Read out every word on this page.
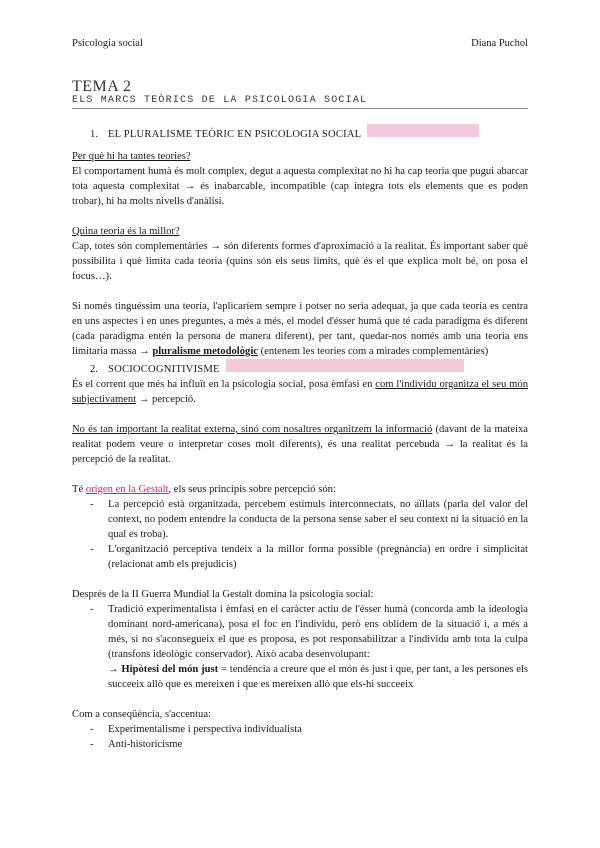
Psicologia social	Diana Puchol
TEMA 2
ELS MARCS TEÒRICS DE LA PSICOLOGIA SOCIAL
1. EL PLURALISME TEÒRIC EN PSICOLOGIA SOCIAL

Per què hi ha tantes teories?

El comportament humà és molt complex, degut a aquesta complexitat no hi ha cap teoria que pugui abarcar tota aquesta complexitat → és inabarcable, incompatible (cap integra tots els elements que es poden trobar), hi ha molts nivells d'anàlisi.

Quina teoria és la millor?

Cap, totes són complementàries → són diferents formes d'aproximació a la realitat. És important saber què possibilita i què limita cada teoria (quins són els seus límits, què és el que explica molt bé, on posa el focus…).

Si només tinguéssim una teoria, l'aplicaríem sempre i potser no seria adequat, ja que cada teoria es centra en uns aspectes i en unes preguntes, a més a més, el model d'ésser humà que té cada paradigma és diferent (cada paradigma entén la persona de manera diferent), per tant, quedar-nos només amb una teoria ens limitaria massa → pluralisme metodològic (entenem les teories com a mirades complementàries)

2. SOCIOCOGNITIVISME

És el corrent que més ha influït en la psicologia social, posa èmfasi en com l'individu organitza el seu món subjectivament → percepció.

No és tan important la realitat externa, sinó com nosaltres organitzem la informació (davant de la mateixa realitat podem veure o interpretar coses molt diferents), és una realitat percebuda → la realitat és la percepció de la realitat.

Té origen en la Gestalt, els seus principis sobre percepció són:

- La percepció està organitzada, percebem estímuls interconnectats, no aïllats (parla del valor del context, no podem entendre la conducta de la persona sense saber el seu context ni la situació en la qual es troba).
- L'organització perceptiva tendeix a la millor forma possible (pregnància) en ordre i simplicitat (relacionat amb els prejudicis)

Després de la II Guerra Mundial la Gestalt domina la psicologia social:

- Tradició experimentalista i èmfasi en el caràcter actiu de l'ésser humà (concorda amb la ideologia dominant nord-americana), posa el foc en l'individu, però ens oblidem de la situació i, a més a més, si no s'aconsegueix el que es proposa, es pot responsabilitzar a l'individu amb tota la culpa (transfons ideològic conservador). Això acaba desenvolupant:
→ Hipòtesi del món just = tendència a creure que el món és just i que, per tant, a les persones els succeeix allò que es mereixen i que es mereixen allò que els-hi succeeix

Com a conseqüència, s'accentua:

- Experimentalisme i perspectiva individualista
- Anti-historicisme
